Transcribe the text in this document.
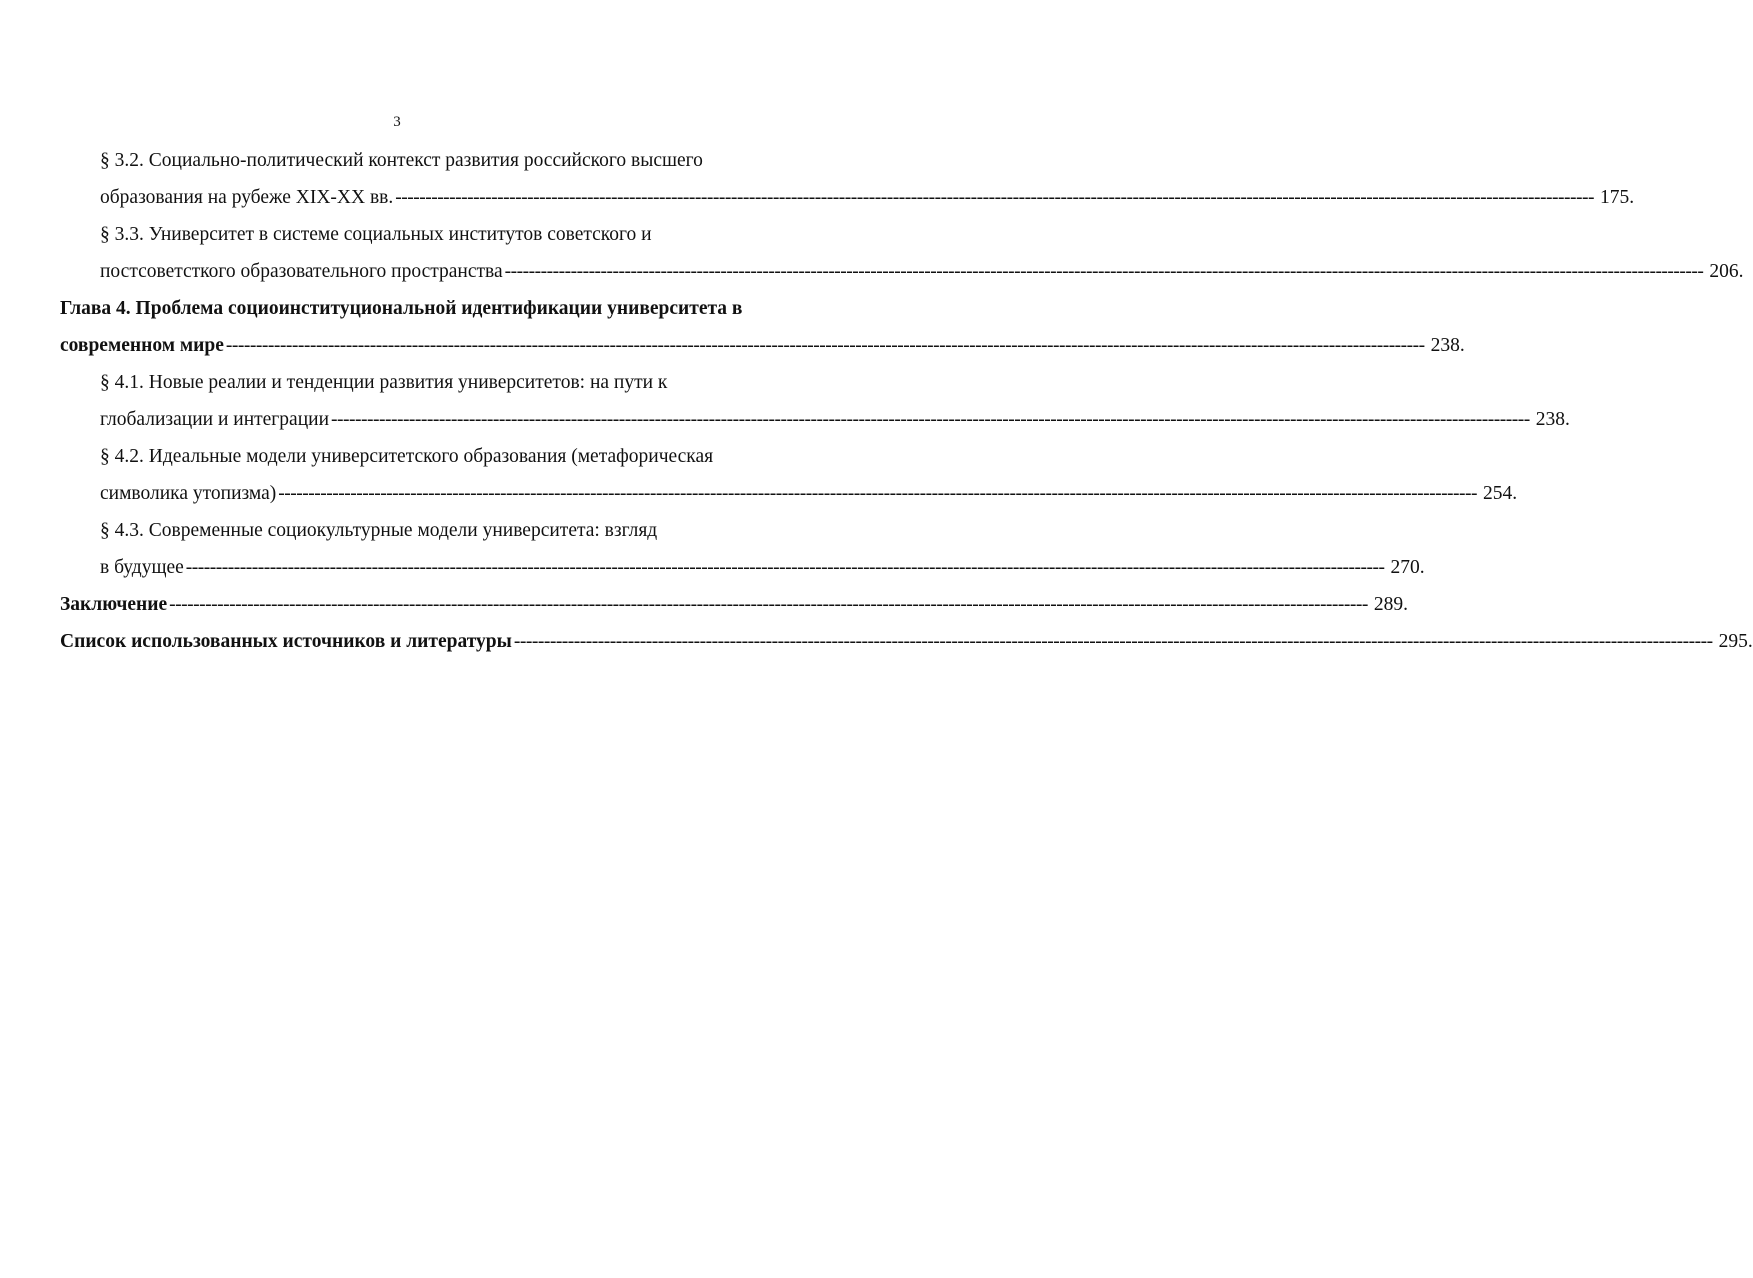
3
§ 3.2. Социально-политический контекст развития российского высшего
образования на рубеже XIX-XX вв. -------------------------------------------------------------------------------------------------------------------------------------------------------------------------------------------------------- 175.
§ 3.3. Университет в системе социальных институтов советского и
постсоветсткого образовательного пространства -------------------------------------------------------------------------------------------------------------------------------------------------------------------------------------------------------- 206.
Глава 4. Проблема социоинституциональной идентификации университета в
современном мире -------------------------------------------------------------------------------------------------------------------------------------------------------------------------------------------------------- 238.
§ 4.1. Новые реалии и тенденции развития университетов: на пути к
глобализации и интеграции -------------------------------------------------------------------------------------------------------------------------------------------------------------------------------------------------------- 238.
§ 4.2. Идеальные модели университетского образования (метафорическая
символика утопизма) -------------------------------------------------------------------------------------------------------------------------------------------------------------------------------------------------------- 254.
§ 4.3. Современные социокультурные модели университета: взгляд
в будущее -------------------------------------------------------------------------------------------------------------------------------------------------------------------------------------------------------- 270.
Заключение -------------------------------------------------------------------------------------------------------------------------------------------------------------------------------------------------------- 289.
Список использованных источников и литературы -------------------------------------------------------------------------------------------------------------------------------------------------------------------------------------------------------- 295.
